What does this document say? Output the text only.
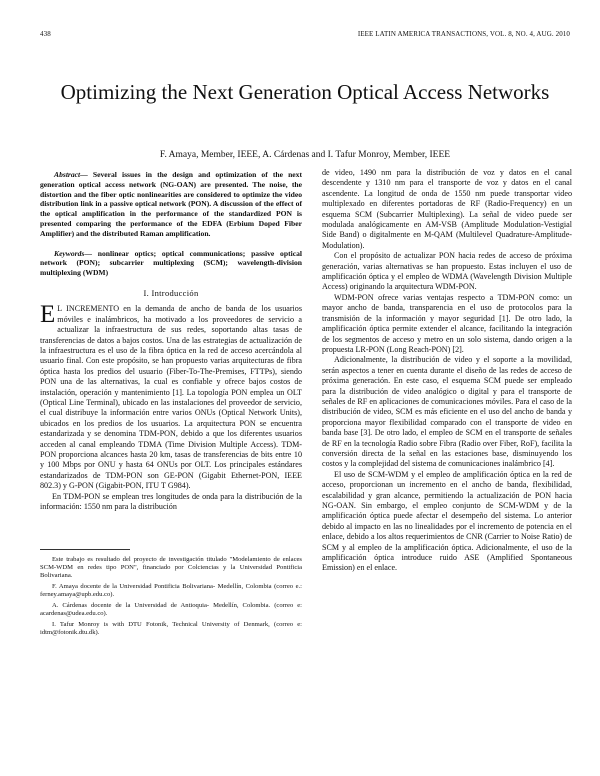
438	IEEE LATIN AMERICA TRANSACTIONS, VOL. 8, NO. 4, AUG. 2010
Optimizing the Next Generation Optical Access Networks
F. Amaya, Member, IEEE, A. Cárdenas and I. Tafur Monroy, Member, IEEE

Abstract— Several issues in the design and optimization of the next generation optical access network (NG-OAN) are presented. The noise, the distortion and the fiber optic nonlinearities are considered to optimize the video distribution link in a passive optical network (PON). A discussion of the effect of the optical amplification in the performance of the standardized PON is presented comparing the performance of the EDFA (Erbium Doped Fiber Amplifier) and the distributed Raman amplification.

Keywords— nonlinear optics; optical communications; passive optical network (PON); subcarrier multiplexing (SCM); wavelength-division multiplexing (WDM)

I. Introducción

E L INCREMENTO en la demanda de ancho de banda de los usuarios móviles e inalámbricos, ha motivado a los proveedores de servicio a actualizar la infraestructura de sus redes, soportando altas tasas de transferencias de datos a bajos costos. Una de las estrategias de actualización de la infraestructura es el uso de la fibra óptica en la red de acceso acercándola al usuario final. Con este propósito, se han propuesto varias arquitecturas de fibra óptica hasta los predios del usuario (Fiber-To-The-Premises, FTTPs), siendo PON una de las alternativas, la cual es confiable y ofrece bajos costos de instalación, operación y mantenimiento [1]. La topología PON emplea un OLT (Optical Line Terminal), ubicado en las instalaciones del proveedor de servicio, el cual distribuye la información entre varios ONUs (Optical Network Units), ubicados en los predios de los usuarios. La arquitectura PON se encuentra estandarizada y se denomina TDM-PON, debido a que los diferentes usuarios acceden al canal empleando TDMA (Time Division Multiple Access). TDM-PON proporciona alcances hasta 20 km, tasas de transferencias de bits entre 10 y 100 Mbps por ONU y hasta 64 ONUs por OLT. Los principales estándares estandarizados de TDM-PON son GE-PON (Gigabit Ethernet-PON, IEEE 802.3) y G-PON (Gigabit-PON, ITU T G984).

En TDM-PON se emplean tres longitudes de onda para la distribución de la información: 1550 nm para la distribución

Este trabajo es resultado del proyecto de investigación titulado "Modelamiento de enlaces SCM-WDM en redes tipo PON", financiado por Colciencias y la Universidad Pontificia Bolivariana.

F. Amaya docente de la Universidad Pontificia Bolivariana- Medellín, Colombia (correo e.: ferney.amaya@upb.edu.co).

A. Cárdenas docente de la Universidad de Antioquia- Medellín, Colombia. (correo e: acardenas@udea.edu.co).

I. Tafur Monroy is with DTU Fotonik, Technical University of Denmark, (correo e: idtm@fotonik.dtu.dk).

de video, 1490 nm para la distribución de voz y datos en el canal descendente y 1310 nm para el transporte de voz y datos en el canal ascendente. La longitud de onda de 1550 nm puede transportar video multiplexado en diferentes portadoras de RF (Radio-Frequency) en un esquema SCM (Subcarrier Multiplexing). La señal de video puede ser modulada analógicamente en AM-VSB (Amplitude Modulation-Vestigial Side Band) o digitalmente en M-QAM (Multilevel Quadrature-Amplitude-Modulation).

Con el propósito de actualizar PON hacia redes de acceso de próxima generación, varias alternativas se han propuesto. Estas incluyen el uso de amplificación óptica y el empleo de WDMA (Wavelength Division Multiple Access) originando la arquitectura WDM-PON.

WDM-PON ofrece varias ventajas respecto a TDM-PON como: un mayor ancho de banda, transparencia en el uso de protocolos para la transmisión de la información y mayor seguridad [1]. De otro lado, la amplificación óptica permite extender el alcance, facilitando la integración de los segmentos de acceso y metro en un solo sistema, dando origen a la propuesta LR-PON (Long Reach-PON) [2].

Adicionalmente, la distribución de video y el soporte a la movilidad, serán aspectos a tener en cuenta durante el diseño de las redes de acceso de próxima generación. En este caso, el esquema SCM puede ser empleado para la distribución de video analógico o digital y para el transporte de señales de RF en aplicaciones de comunicaciones móviles. Para el caso de la distribución de video, SCM es más eficiente en el uso del ancho de banda y proporciona mayor flexibilidad comparado con el transporte de video en banda base [3]. De otro lado, el empleo de SCM en el transporte de señales de RF en la tecnología Radio sobre Fibra (Radio over Fiber, RoF), facilita la conversión directa de la señal en las estaciones base, disminuyendo los costos y la complejidad del sistema de comunicaciones inalámbrico [4].

El uso de SCM-WDM y el empleo de amplificación óptica en la red de acceso, proporcionan un incremento en el ancho de banda, flexibilidad, escalabilidad y gran alcance, permitiendo la actualización de PON hacia NG-OAN. Sin embargo, el empleo conjunto de SCM-WDM y de la amplificación óptica puede afectar el desempeño del sistema. Lo anterior debido al impacto en las no linealidades por el incremento de potencia en el enlace, debido a los altos requerimientos de CNR (Carrier to Noise Ratio) de SCM y al empleo de la amplificación óptica. Adicionalmente, el uso de la amplificación óptica introduce ruido ASE (Amplified Spontaneous Emission) en el enlace.
